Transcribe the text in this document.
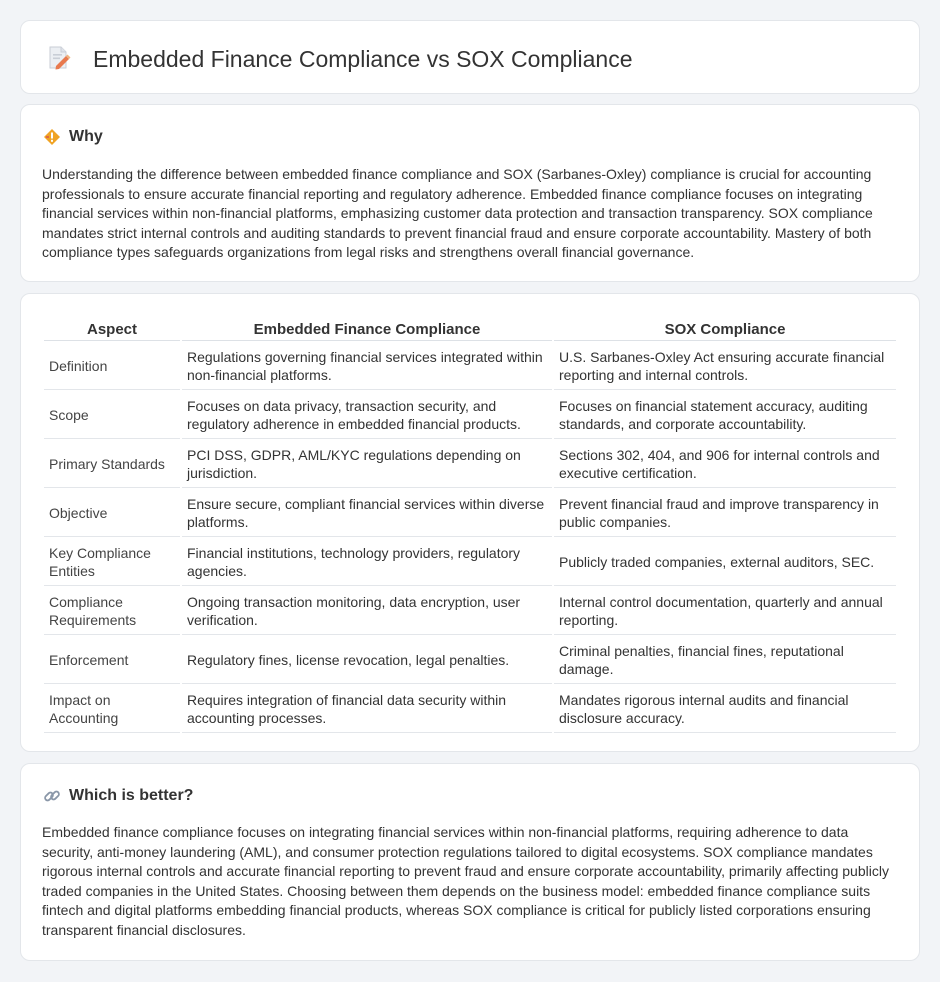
Embedded Finance Compliance vs SOX Compliance
Why

Understanding the difference between embedded finance compliance and SOX (Sarbanes-Oxley) compliance is crucial for accounting professionals to ensure accurate financial reporting and regulatory adherence. Embedded finance compliance focuses on integrating financial services within non-financial platforms, emphasizing customer data protection and transaction transparency. SOX compliance mandates strict internal controls and auditing standards to prevent financial fraud and ensure corporate accountability. Mastery of both compliance types safeguards organizations from legal risks and strengthens overall financial governance.

Aspect	Embedded Finance Compliance	SOX Compliance
Definition	Regulations governing financial services integrated within non-financial platforms.	U.S. Sarbanes-Oxley Act ensuring accurate financial reporting and internal controls.
Scope	Focuses on data privacy, transaction security, and regulatory adherence in embedded financial products.	Focuses on financial statement accuracy, auditing standards, and corporate accountability.
Primary Standards	PCI DSS, GDPR, AML/KYC regulations depending on jurisdiction.	Sections 302, 404, and 906 for internal controls and executive certification.
Objective	Ensure secure, compliant financial services within diverse platforms.	Prevent financial fraud and improve transparency in public companies.
Key Compliance Entities	Financial institutions, technology providers, regulatory agencies.	Publicly traded companies, external auditors, SEC.
Compliance Requirements	Ongoing transaction monitoring, data encryption, user verification.	Internal control documentation, quarterly and annual reporting.
Enforcement	Regulatory fines, license revocation, legal penalties.	Criminal penalties, financial fines, reputational damage.
Impact on Accounting	Requires integration of financial data security within accounting processes.	Mandates rigorous internal audits and financial disclosure accuracy.
Which is better?

Embedded finance compliance focuses on integrating financial services within non-financial platforms, requiring adherence to data security, anti-money laundering (AML), and consumer protection regulations tailored to digital ecosystems. SOX compliance mandates rigorous internal controls and accurate financial reporting to prevent fraud and ensure corporate accountability, primarily affecting publicly traded companies in the United States. Choosing between them depends on the business model: embedded finance compliance suits fintech and digital platforms embedding financial products, whereas SOX compliance is critical for publicly listed corporations ensuring transparent financial disclosures.
